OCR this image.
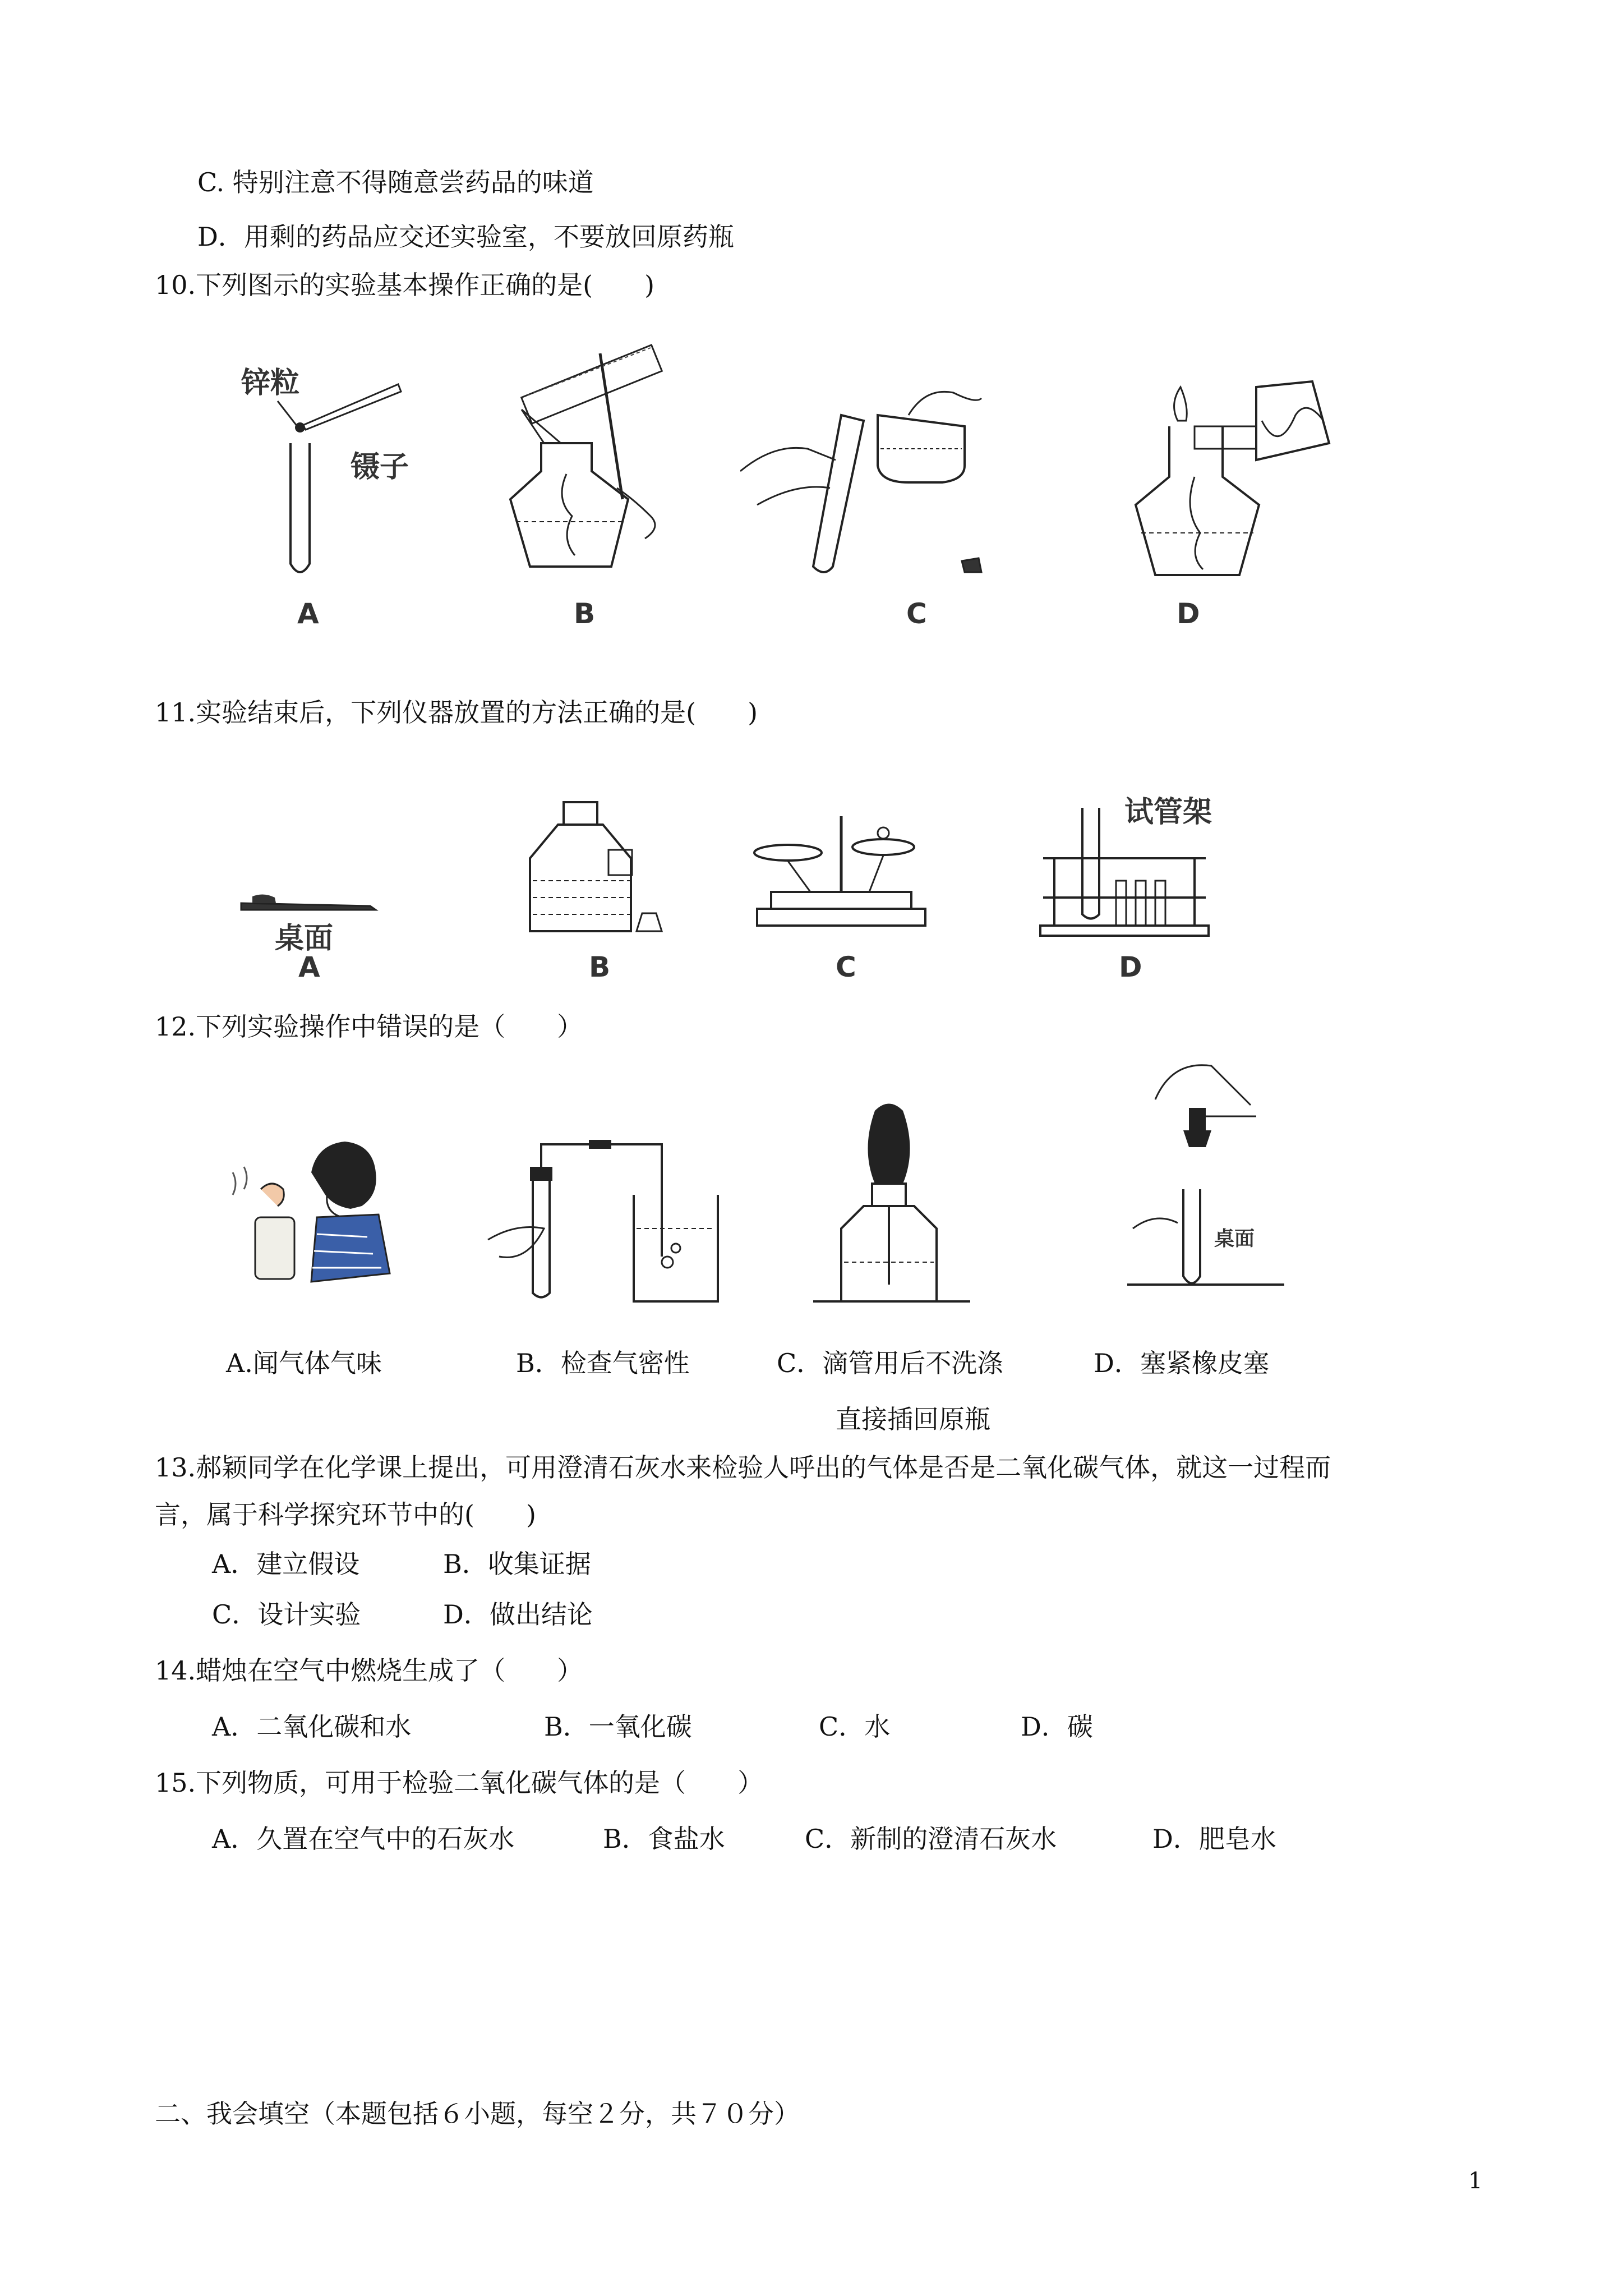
C. 特别注意不得随意尝药品的味道

D．用剩的药品应交还实验室，不要放回原药瓶

10.下列图示的实验基本操作正确的是(　　)

锌粒
镊子
A	B	C	D

11.实验结束后，下列仪器放置的方法正确的是(　　)

桌面
试管架
A	B	C	D

12.下列实验操作中错误的是（　　）

桌面

A.闻气体气味	B．检查气密性	C．滴管用后不洗涤	D．塞紧橡皮塞

直接插回原瓶

13.郝颖同学在化学课上提出，可用澄清石灰水来检验人呼出的气体是否是二氧化碳气体，就这一过程而

言，属于科学探究环节中的(　　)

A．建立假设	B．收集证据

C．设计实验	D．做出结论

14.蜡烛在空气中燃烧生成了（　　）

A．二氧化碳和水	B．一氧化碳	C．水	D．碳

15.下列物质，可用于检验二氧化碳气体的是（　　）

A．久置在空气中的石灰水	B．食盐水	C．新制的澄清石灰水	D．肥皂水

二、我会填空（本题包括６小题，每空２分，共７０分）

1
